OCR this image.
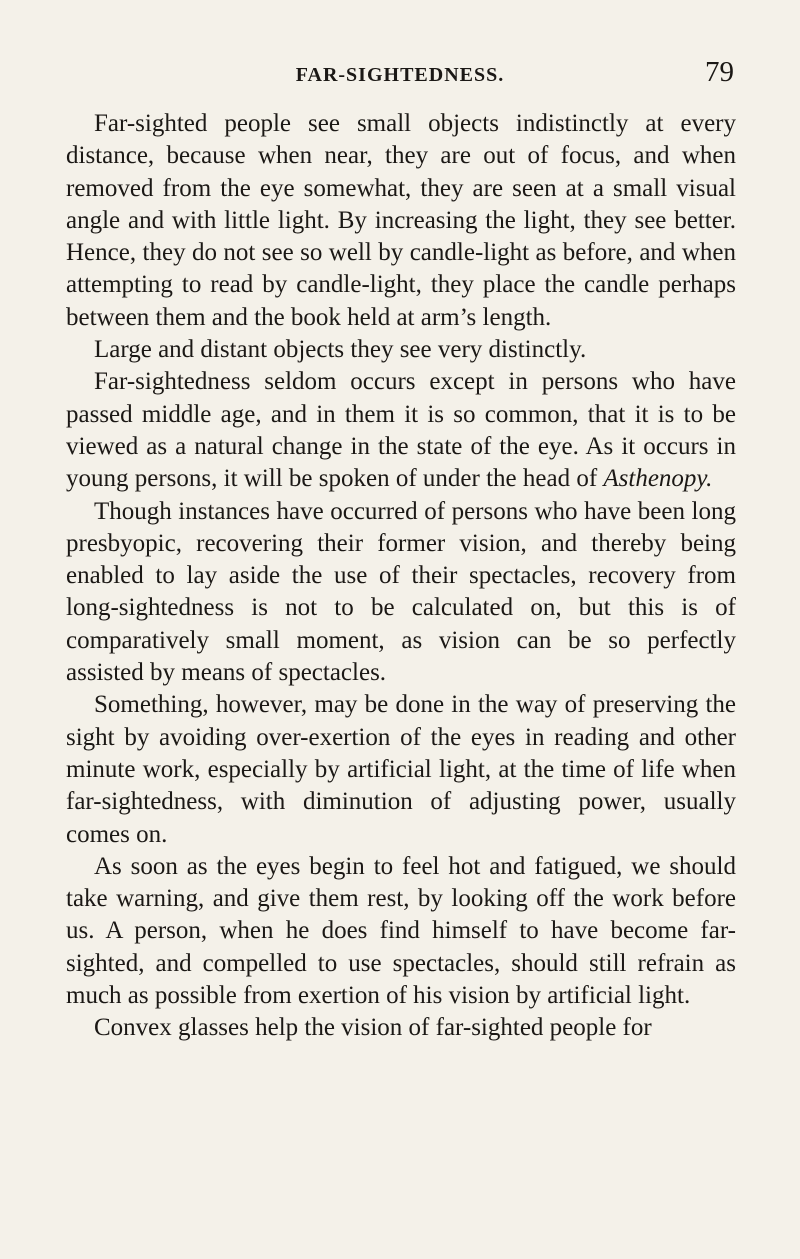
FAR-SIGHTEDNESS.	79

Far-sighted people see small objects indistinctly at every distance, because when near, they are out of focus, and when removed from the eye somewhat, they are seen at a small visual angle and with little light. By increasing the light, they see better. Hence, they do not see so well by candle-light as before, and when attempting to read by candle-light, they place the candle perhaps between them and the book held at arm’s length.

Large and distant objects they see very distinctly.

Far-sightedness seldom occurs except in persons who have passed middle age, and in them it is so common, that it is to be viewed as a natural change in the state of the eye. As it occurs in young persons, it will be spoken of under the head of Asthenopy.

Though instances have occurred of persons who have been long presbyopic, recovering their former vision, and thereby being enabled to lay aside the use of their spectacles, recovery from long-sightedness is not to be calculated on, but this is of comparatively small moment, as vision can be so perfectly assisted by means of spectacles.

Something, however, may be done in the way of preserving the sight by avoiding over-exertion of the eyes in reading and other minute work, especially by artificial light, at the time of life when far-sightedness, with diminution of adjusting power, usually comes on.

As soon as the eyes begin to feel hot and fatigued, we should take warning, and give them rest, by looking off the work before us. A person, when he does find himself to have become far-sighted, and compelled to use spectacles, should still refrain as much as possible from exertion of his vision by artificial light.

Convex glasses help the vision of far-sighted people for
